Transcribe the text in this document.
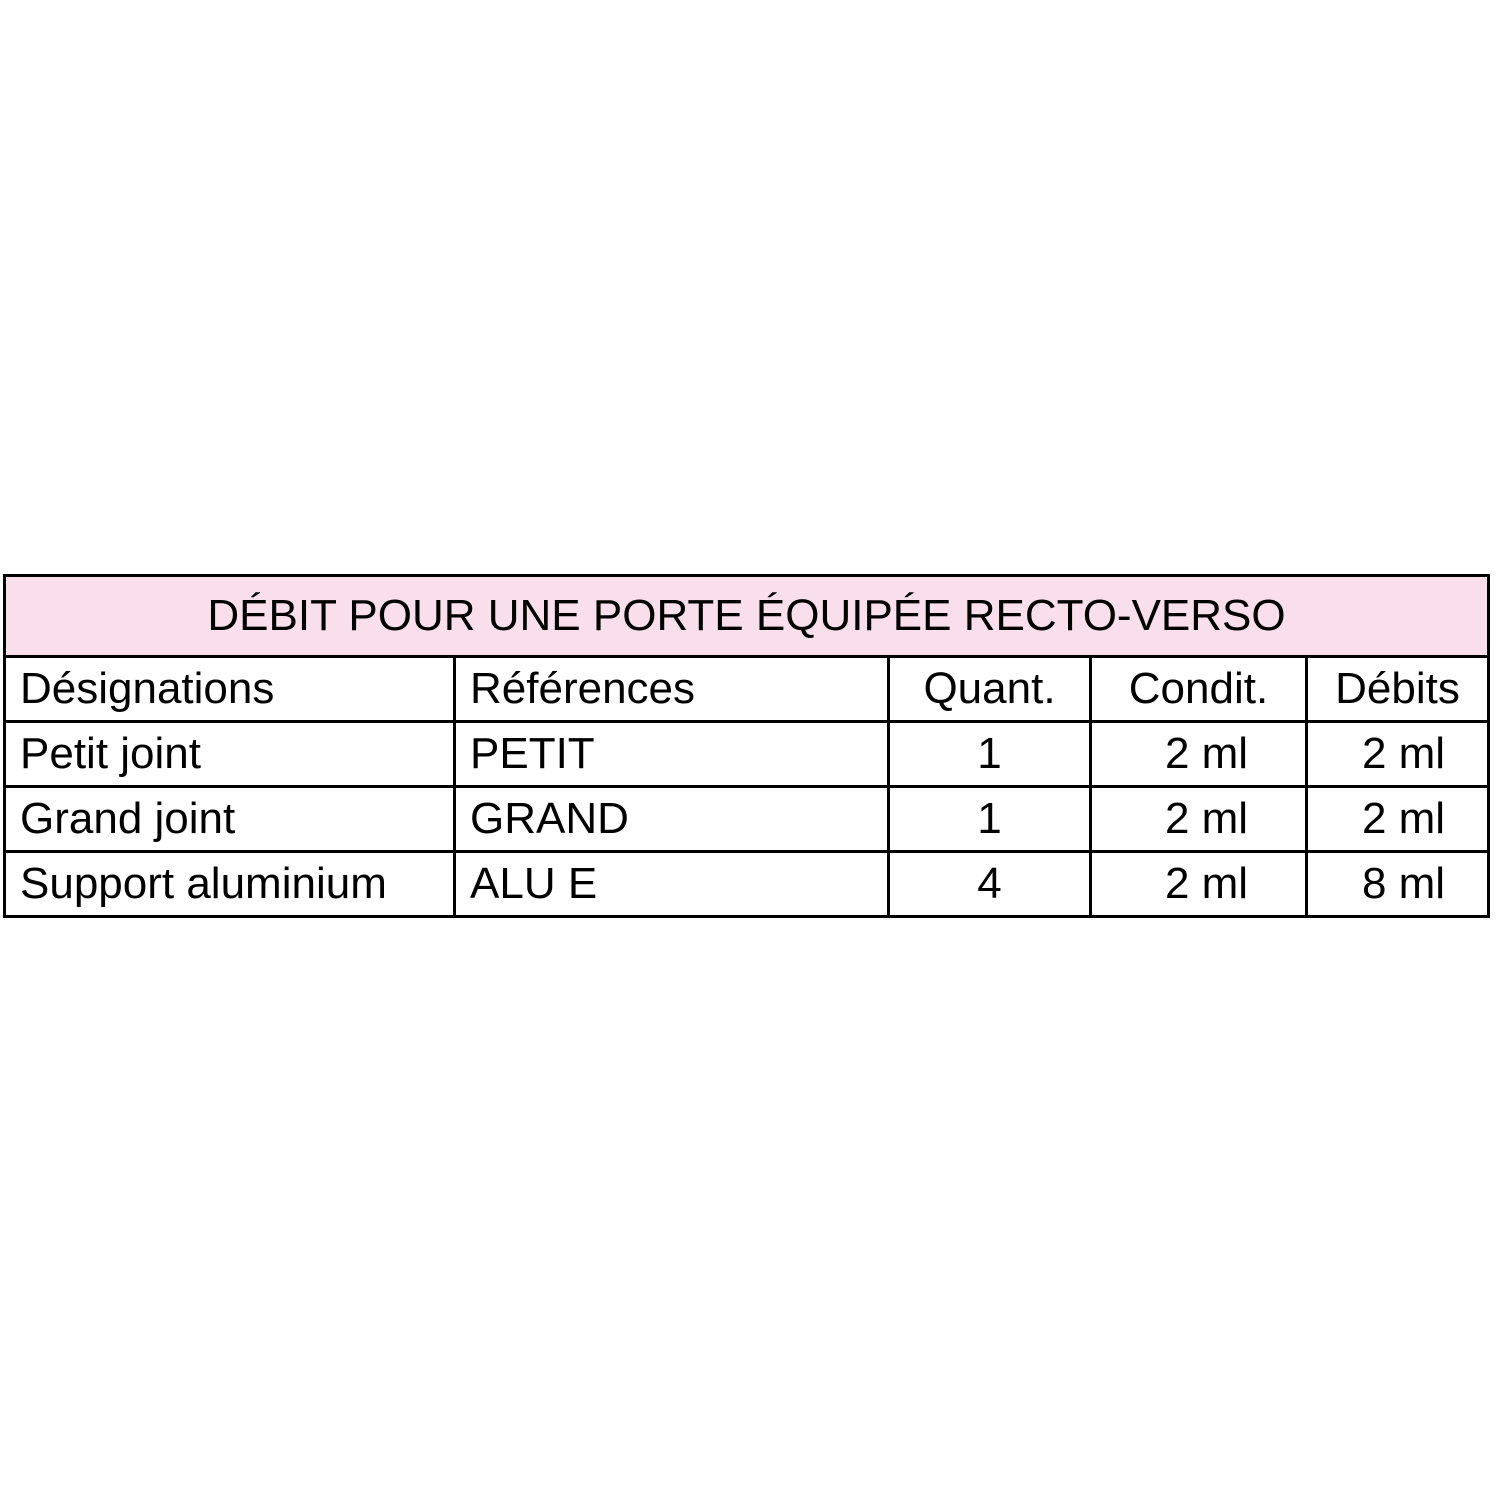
DÉBIT POUR UNE PORTE ÉQUIPÉE RECTO-VERSO				
Désignations	Références	Quant.	Condit.	Débits
Petit joint	PETIT	1	2 ml	2 ml
Grand joint	GRAND	1	2 ml	2 ml
Support aluminium	ALU E	4	2 ml	8 ml
